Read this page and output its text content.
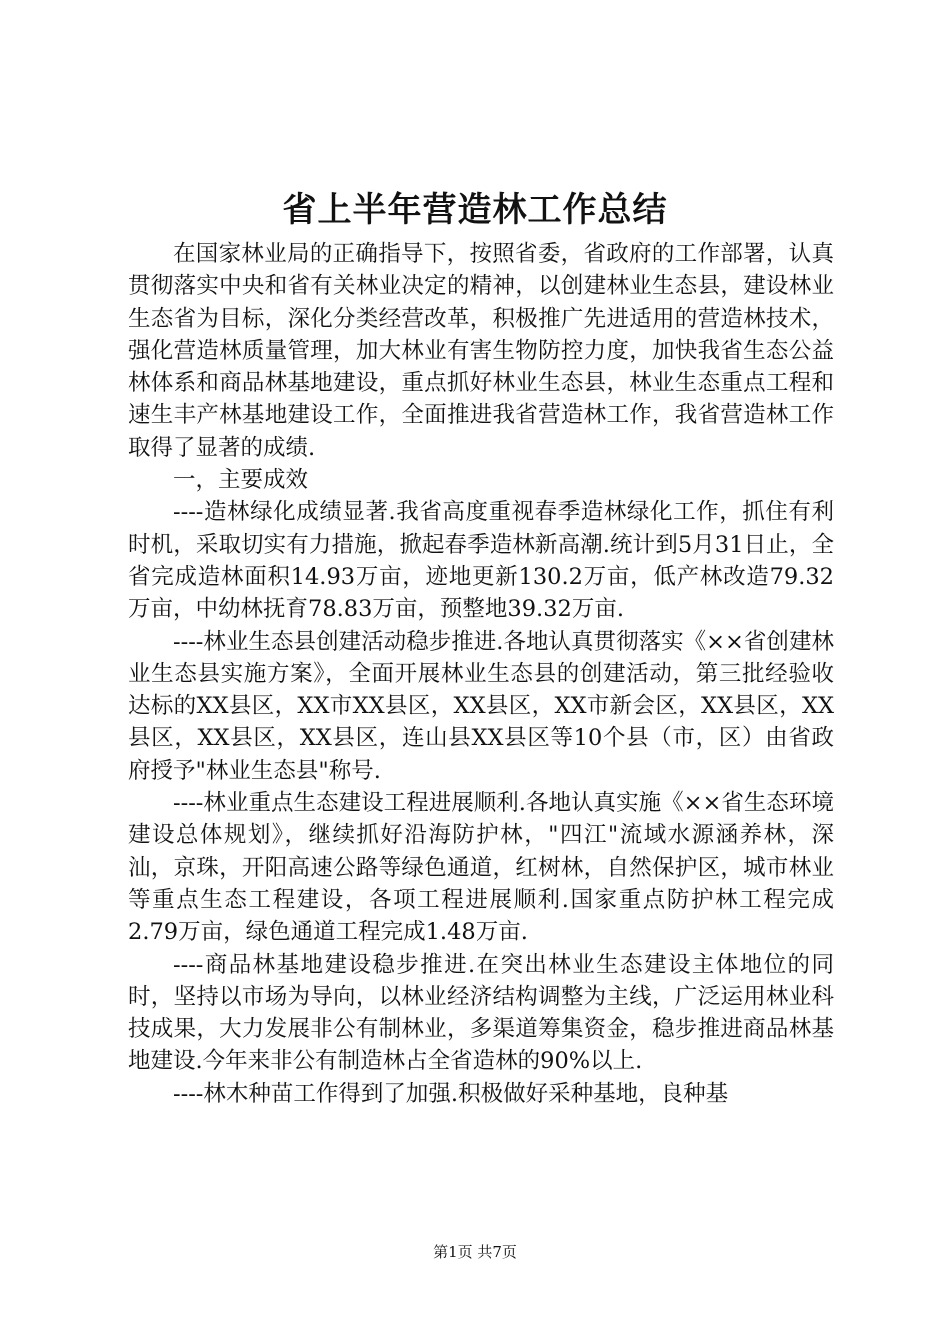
省上半年营造林工作总结

在国家林业局的正确指导下，按照省委，省政府的工作部署，认真贯彻落实中央和省有关林业决定的精神，以创建林业生态县，建设林业生态省为目标，深化分类经营改革，积极推广先进适用的营造林技术，强化营造林质量管理，加大林业有害生物防控力度，加快我省生态公益林体系和商品林基地建设，重点抓好林业生态县，林业生态重点工程和速生丰产林基地建设工作，全面推进我省营造林工作，我省营造林工作取得了显著的成绩.

一，主要成效

----造林绿化成绩显著.我省高度重视春季造林绿化工作，抓住有利时机，采取切实有力措施，掀起春季造林新高潮.统计到5月31日止，全省完成造林面积14.93万亩，迹地更新130.2万亩，低产林改造79.32万亩，中幼林抚育78.83万亩，预整地39.32万亩.

----林业生态县创建活动稳步推进.各地认真贯彻落实《××省创建林业生态县实施方案》，全面开展林业生态县的创建活动，第三批经验收达标的XX县区，XX市XX县区，XX县区，XX市新会区，XX县区，XX县区，XX县区，XX县区，连山县XX县区等10个县（市，区）由省政府授予"林业生态县"称号.

----林业重点生态建设工程进展顺利.各地认真实施《××省生态环境建设总体规划》，继续抓好沿海防护林，"四江"流域水源涵养林，深汕，京珠，开阳高速公路等绿色通道，红树林，自然保护区，城市林业等重点生态工程建设，各项工程进展顺利.国家重点防护林工程完成2.79万亩，绿色通道工程完成1.48万亩.

----商品林基地建设稳步推进.在突出林业生态建设主体地位的同时，坚持以市场为导向，以林业经济结构调整为主线，广泛运用林业科技成果，大力发展非公有制林业，多渠道筹集资金，稳步推进商品林基地建设.今年来非公有制造林占全省造林的90%以上.

----林木种苗工作得到了加强.积极做好采种基地，良种基

第1页 共7页
